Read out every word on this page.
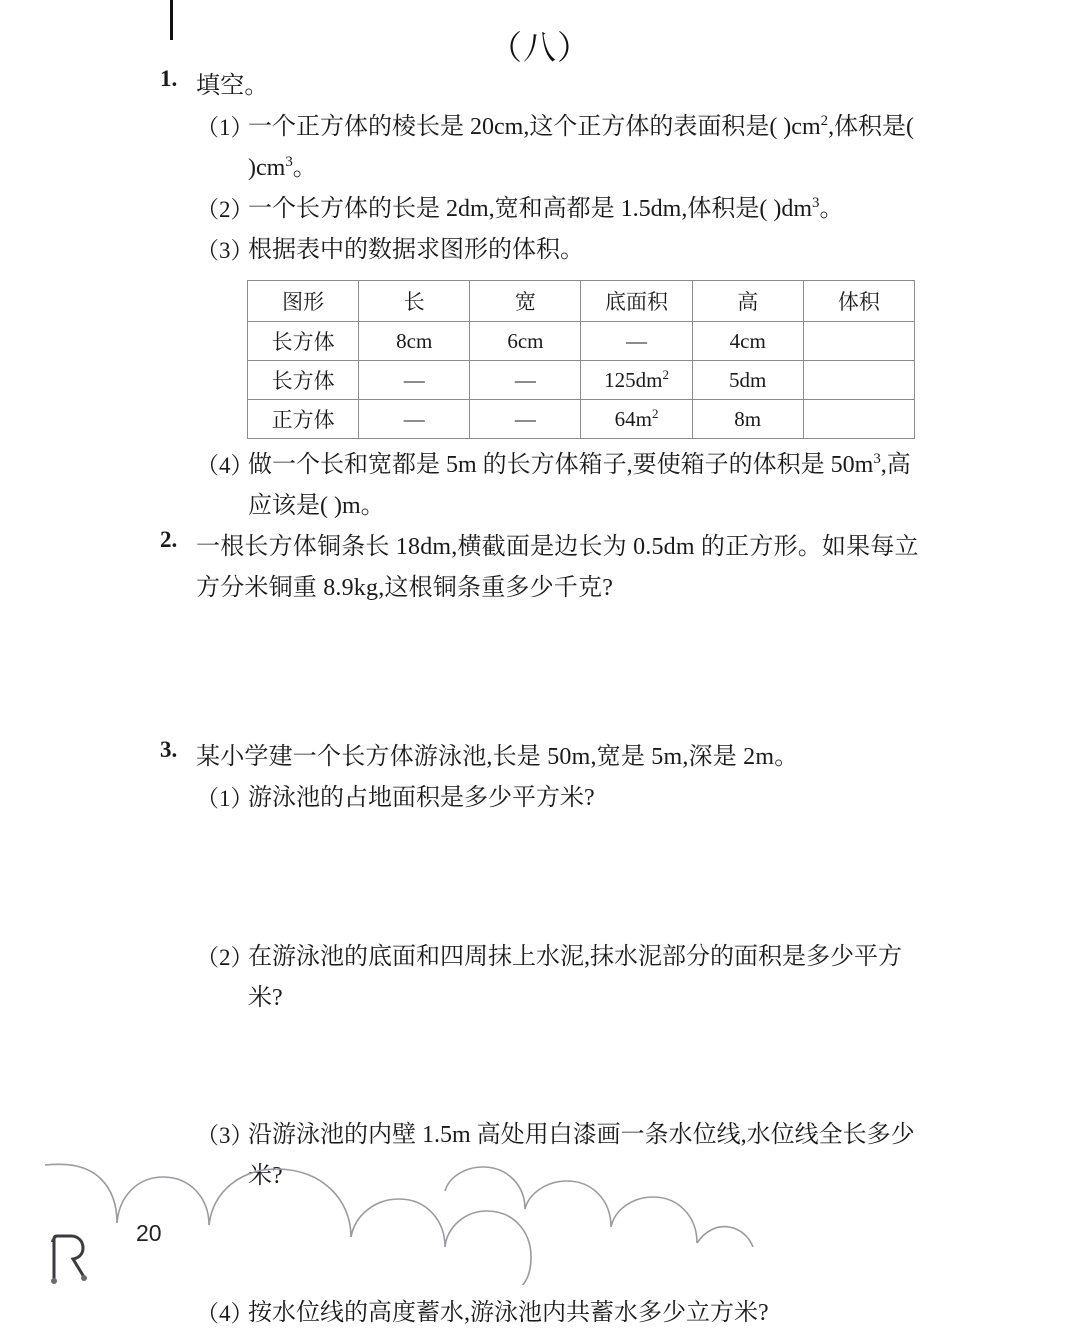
（八）
1. 填空。
（1）
一个正方体的棱长是 20cm,这个正方体的表面积是( )$cm^2$,体积是( )$cm^3$。
（2）
一个长方体的长是 2dm,宽和高都是 1.5dm,体积是( )$dm^3$。
（3）
根据表中的数据求图形的体积。
图形	长	宽	底面积	高	体积
长方体	8cm	6cm	—	4cm	
长方体	—	—	$125dm^2$	5dm	
正方体	—	—	$64m^2$	8m	
（4）
做一个长和宽都是 5m 的长方体箱子,要使箱子的体积是 $50m^3$,高应该是( )m。
2. 一根长方体铜条长 18dm,横截面是边长为 0.5dm 的正方形。如果每立方分米铜重 8.9kg,这根铜条重多少千克?
3. 某小学建一个长方体游泳池,长是 50m,宽是 5m,深是 2m。
（1）
游泳池的占地面积是多少平方米?
（2）
在游泳池的底面和四周抹上水泥,抹水泥部分的面积是多少平方米?
（3）
沿游泳池的内壁 1.5m 高处用白漆画一条水位线,水位线全长多少米?
（4）
按水位线的高度蓄水,游泳池内共蓄水多少立方米?
20
